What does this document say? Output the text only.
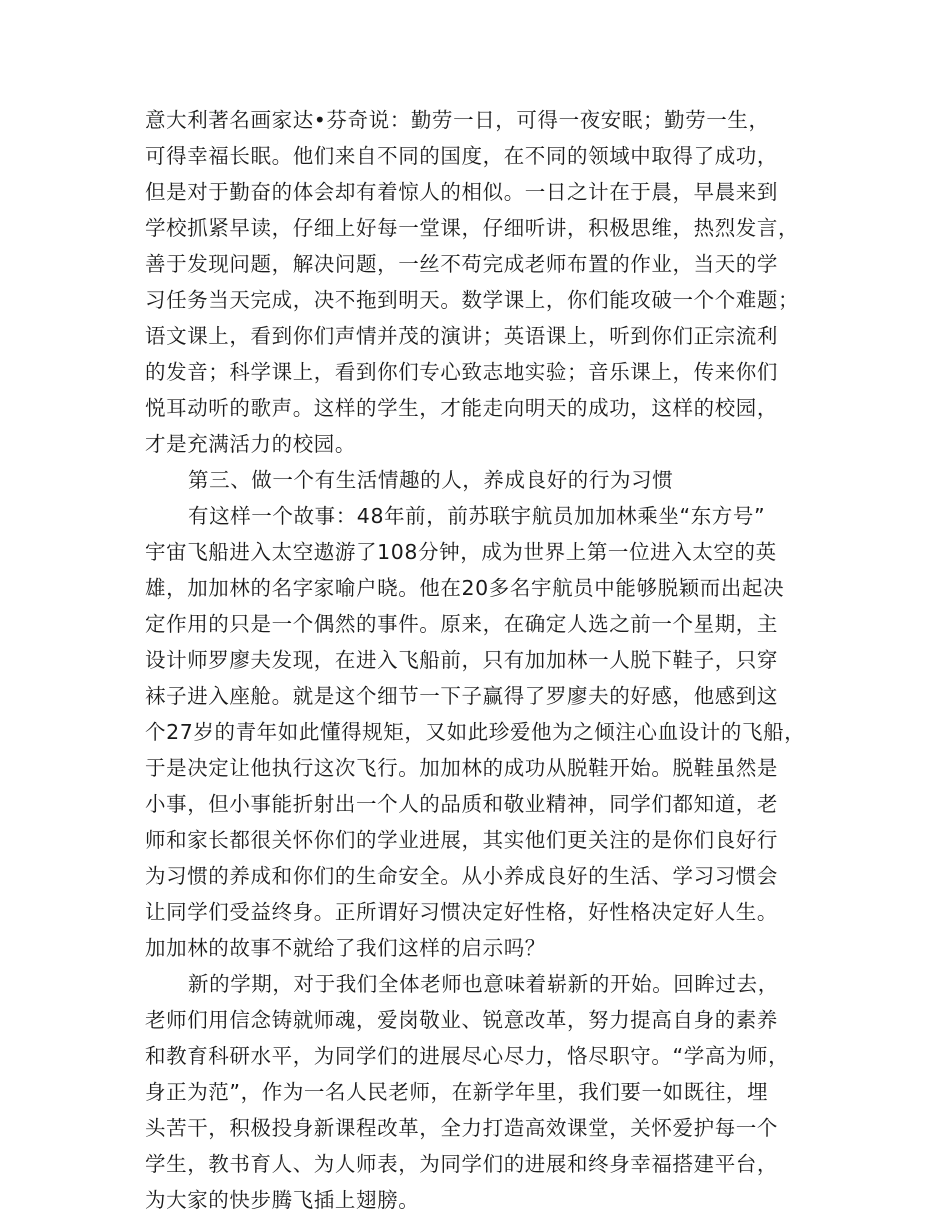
意大利著名画家达•芬奇说：勤劳一日，可得一夜安眠；勤劳一生，
可得幸福长眠。他们来自不同的国度，在不同的领域中取得了成功，
但是对于勤奋的体会却有着惊人的相似。一日之计在于晨，早晨来到
学校抓紧早读，仔细上好每一堂课，仔细听讲，积极思维，热烈发言，
善于发现问题，解决问题，一丝不苟完成老师布置的作业，当天的学
习任务当天完成，决不拖到明天。数学课上，你们能攻破一个个难题；
语文课上，看到你们声情并茂的演讲；英语课上，听到你们正宗流利
的发音；科学课上，看到你们专心致志地实验；音乐课上，传来你们
悦耳动听的歌声。这样的学生，才能走向明天的成功，这样的校园，
才是充满活力的校园。
第三、做一个有生活情趣的人，养成良好的行为习惯
有这样一个故事：48年前，前苏联宇航员加加林乘坐“东方号”
宇宙飞船进入太空遨游了108分钟，成为世界上第一位进入太空的英
雄，加加林的名字家喻户晓。他在20多名宇航员中能够脱颖而出起决
定作用的只是一个偶然的事件。原来，在确定人选之前一个星期，主
设计师罗廖夫发现，在进入飞船前，只有加加林一人脱下鞋子，只穿
袜子进入座舱。就是这个细节一下子赢得了罗廖夫的好感，他感到这
个27岁的青年如此懂得规矩，又如此珍爱他为之倾注心血设计的飞船，
于是决定让他执行这次飞行。加加林的成功从脱鞋开始。脱鞋虽然是
小事，但小事能折射出一个人的品质和敬业精神，同学们都知道，老
师和家长都很关怀你们的学业进展，其实他们更关注的是你们良好行
为习惯的养成和你们的生命安全。从小养成良好的生活、学习习惯会
让同学们受益终身。正所谓好习惯决定好性格，好性格决定好人生。
加加林的故事不就给了我们这样的启示吗？
新的学期，对于我们全体老师也意味着崭新的开始。回眸过去，
老师们用信念铸就师魂，爱岗敬业、锐意改革，努力提高自身的素养
和教育科研水平，为同学们的进展尽心尽力，恪尽职守。“学高为师，
身正为范”，作为一名人民老师，在新学年里，我们要一如既往，埋
头苦干，积极投身新课程改革，全力打造高效课堂，关怀爱护每一个
学生，教书育人、为人师表，为同学们的进展和终身幸福搭建平台，
为大家的快步腾飞插上翅膀。
